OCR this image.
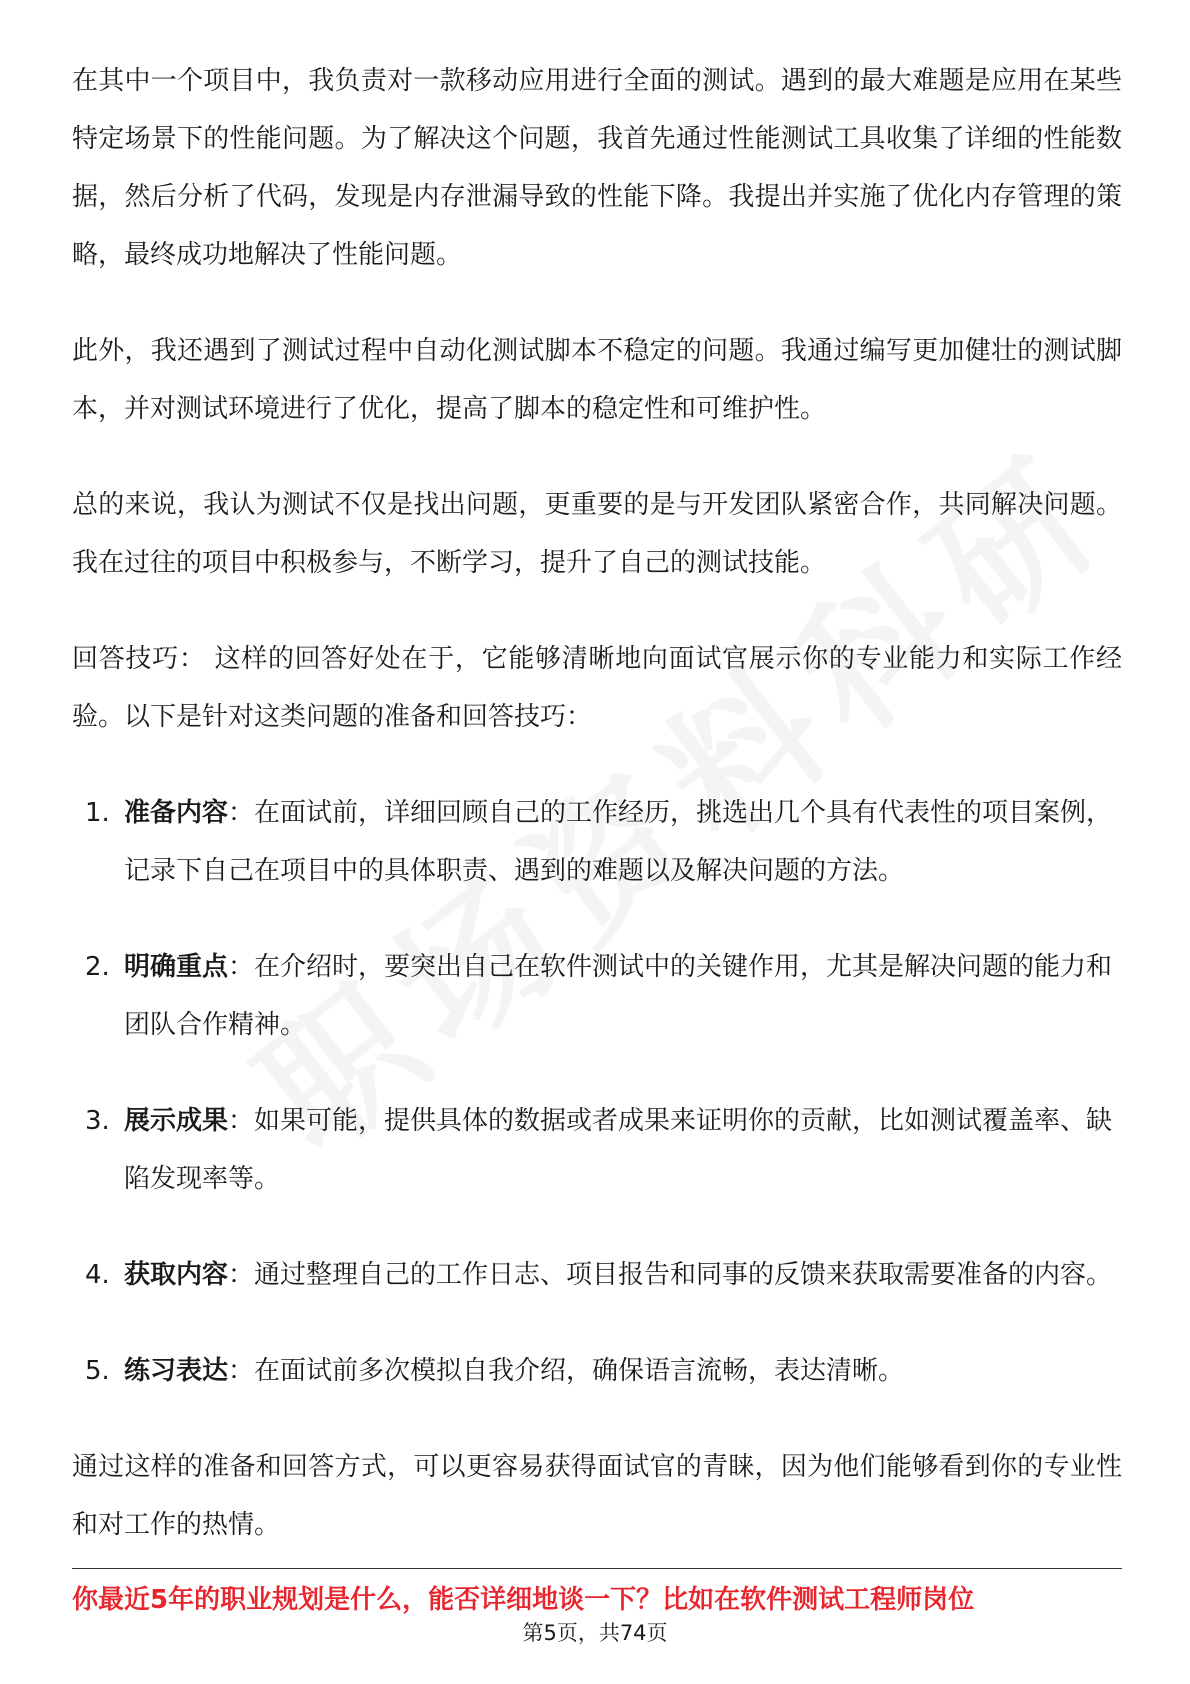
在其中一个项目中，我负责对一款移动应用进行全面的测试。遇到的最大难题是应用在某些特定场景下的性能问题。为了解决这个问题，我首先通过性能测试工具收集了详细的性能数据，然后分析了代码，发现是内存泄漏导致的性能下降。我提出并实施了优化内存管理的策略，最终成功地解决了性能问题。

此外，我还遇到了测试过程中自动化测试脚本不稳定的问题。我通过编写更加健壮的测试脚本，并对测试环境进行了优化，提高了脚本的稳定性和可维护性。

总的来说，我认为测试不仅是找出问题，更重要的是与开发团队紧密合作，共同解决问题。我在过往的项目中积极参与，不断学习，提升了自己的测试技能。

回答技巧： 这样的回答好处在于，它能够清晰地向面试官展示你的专业能力和实际工作经验。以下是针对这类问题的准备和回答技巧：

1. 准备内容：在面试前，详细回顾自己的工作经历，挑选出几个具有代表性的项目案例，记录下自己在项目中的具体职责、遇到的难题以及解决问题的方法。
2. 明确重点：在介绍时，要突出自己在软件测试中的关键作用，尤其是解决问题的能力和团队合作精神。
3. 展示成果：如果可能，提供具体的数据或者成果来证明你的贡献，比如测试覆盖率、缺陷发现率等。
4. 获取内容：通过整理自己的工作日志、项目报告和同事的反馈来获取需要准备的内容。
5. 练习表达：在面试前多次模拟自我介绍，确保语言流畅，表达清晰。

通过这样的准备和回答方式，可以更容易获得面试官的青睐，因为他们能够看到你的专业性和对工作的热情。

你最近5年的职业规划是什么，能否详细地谈一下？比如在软件测试工程师岗位
第5页，共74页
